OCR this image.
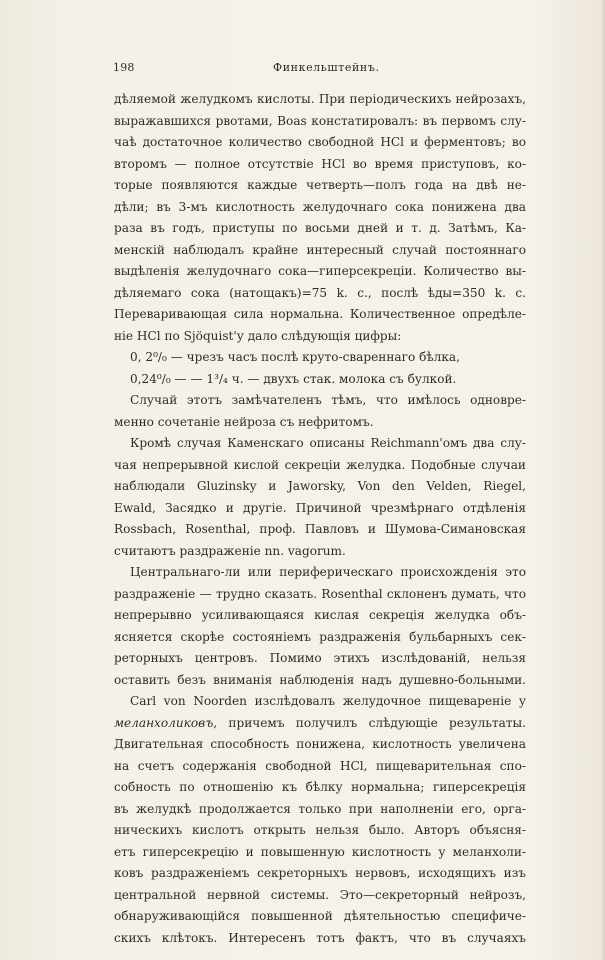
198	Финкельштейнъ.
дѣляемой желудкомъ кислоты. При періодическихъ нейрозахъ,
выражавшихся рвотами, Boas констатировалъ: въ первомъ слу-
чаѣ достаточное количество свободной НСl и ферментовъ; во
второмъ — полное отсутствіе НСl во время приступовъ, ко-
торые появляются каждые четверть—полъ года на двѣ не-
дѣли; въ 3-мъ кислотность желудочнаго сока понижена два
раза въ годъ, приступы по восьми дней и т. д. Затѣмъ, Ка-
менскій наблюдалъ крайне интересный случай постояннаго
выдѣленія желудочнаго сока—гиперсекреціи. Количество вы-
дѣляемаго сока (натощакъ)=75 k. с., послѣ ѣды=350 k. с.
Переваривающая сила нормальна. Количественное опредѣле-
ніе НСl по Sjöquist'у дало слѣдующія цифры:
0, 2⁰/₀ — чрезъ часъ послѣ круто-свареннаго бѣлка,
0,24⁰/₀ — — 1³/₄ ч. — двухъ стак. молока съ булкой.
Случай этотъ замѣчателенъ тѣмъ, что имѣлось одновре-
менно сочетаніе нейроза съ нефритомъ.
Кромѣ случая Каменскаго описаны Reichmann'омъ два слу-
чая непрерывной кислой секреціи желудка. Подобные случаи
наблюдали Gluzinsky и Jaworsky, Von den Velden, Riegel,
Ewald, Засядко и другіе. Причиной чрезмѣрнаго отдѣленія
Rossbach, Rosenthal, проф. Павловъ и Шумова-Симановская
считаютъ раздраженіе nn. vagorum.
Центральнаго-ли или периферическаго происхожденія это
раздраженіе — трудно сказать. Rosenthal склоненъ думать, что
непрерывно усиливающаяся кислая секреція желудка объ-
ясняется скорѣе состояніемъ раздраженія бульбарныхъ сек-
реторныхъ центровъ. Помимо этихъ изслѣдованій, нельзя
оставить безъ вниманія наблюденія надъ душевно-больными.
Carl von Noorden изслѣдовалъ желудочное пищевареніе у
меланхоликовъ, причемъ получилъ слѣдующіе результаты.
Двигательная способность понижена, кислотность увеличена
на счетъ содержанія свободной НСl, пищеварительная спо-
собность по отношенію къ бѣлку нормальна; гиперсекреція
въ желудкѣ продолжается только при наполненіи его, орга-
ническихъ кислотъ открыть нельзя было. Авторъ объясня-
етъ гиперсекрецію и повышенную кислотность у меланхоли-
ковъ раздраженіемъ секреторныхъ нервовъ, исходящихъ изъ
центральной нервной системы. Это—секреторный нейрозъ,
обнаруживающійся повышенной дѣятельностью специфиче-
скихъ клѣтокъ. Интересенъ тотъ фактъ, что въ случаяхъ
